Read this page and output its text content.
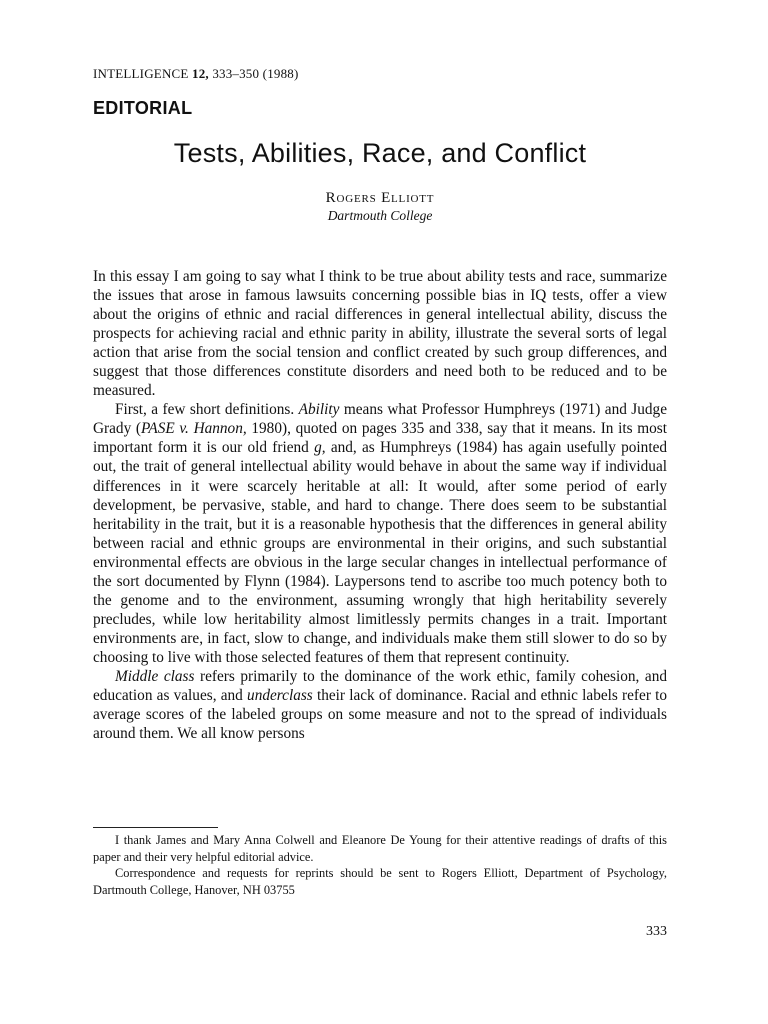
INTELLIGENCE 12, 333–350 (1988)
EDITORIAL
Tests, Abilities, Race, and Conflict
Rogers Elliott
Dartmouth College

In this essay I am going to say what I think to be true about ability tests and race, summarize the issues that arose in famous lawsuits concerning possible bias in IQ tests, offer a view about the origins of ethnic and racial differences in general intellectual ability, discuss the prospects for achieving racial and ethnic parity in ability, illustrate the several sorts of legal action that arise from the social tension and conflict created by such group differences, and suggest that those differences constitute disorders and need both to be reduced and to be measured.

First, a few short definitions. Ability means what Professor Humphreys (1971) and Judge Grady (PASE v. Hannon, 1980), quoted on pages 335 and 338, say that it means. In its most important form it is our old friend g, and, as Humphreys (1984) has again usefully pointed out, the trait of general intellectual ability would behave in about the same way if individual differences in it were scarcely heritable at all: It would, after some period of early development, be pervasive, stable, and hard to change. There does seem to be substantial heritability in the trait, but it is a reasonable hypothesis that the differences in general ability between racial and ethnic groups are environmental in their origins, and such substantial environmental effects are obvious in the large secular changes in intellectual performance of the sort documented by Flynn (1984). Laypersons tend to ascribe too much potency both to the genome and to the environment, assuming wrongly that high heritability severely precludes, while low heritability almost limitlessly permits changes in a trait. Important environments are, in fact, slow to change, and individuals make them still slower to do so by choosing to live with those selected features of them that represent continuity.

Middle class refers primarily to the dominance of the work ethic, family cohesion, and education as values, and underclass their lack of dominance. Racial and ethnic labels refer to average scores of the labeled groups on some measure and not to the spread of individuals around them. We all know persons

I thank James and Mary Anna Colwell and Eleanore De Young for their attentive readings of drafts of this paper and their very helpful editorial advice.

Correspondence and requests for reprints should be sent to Rogers Elliott, Department of Psychology, Dartmouth College, Hanover, NH 03755

333
